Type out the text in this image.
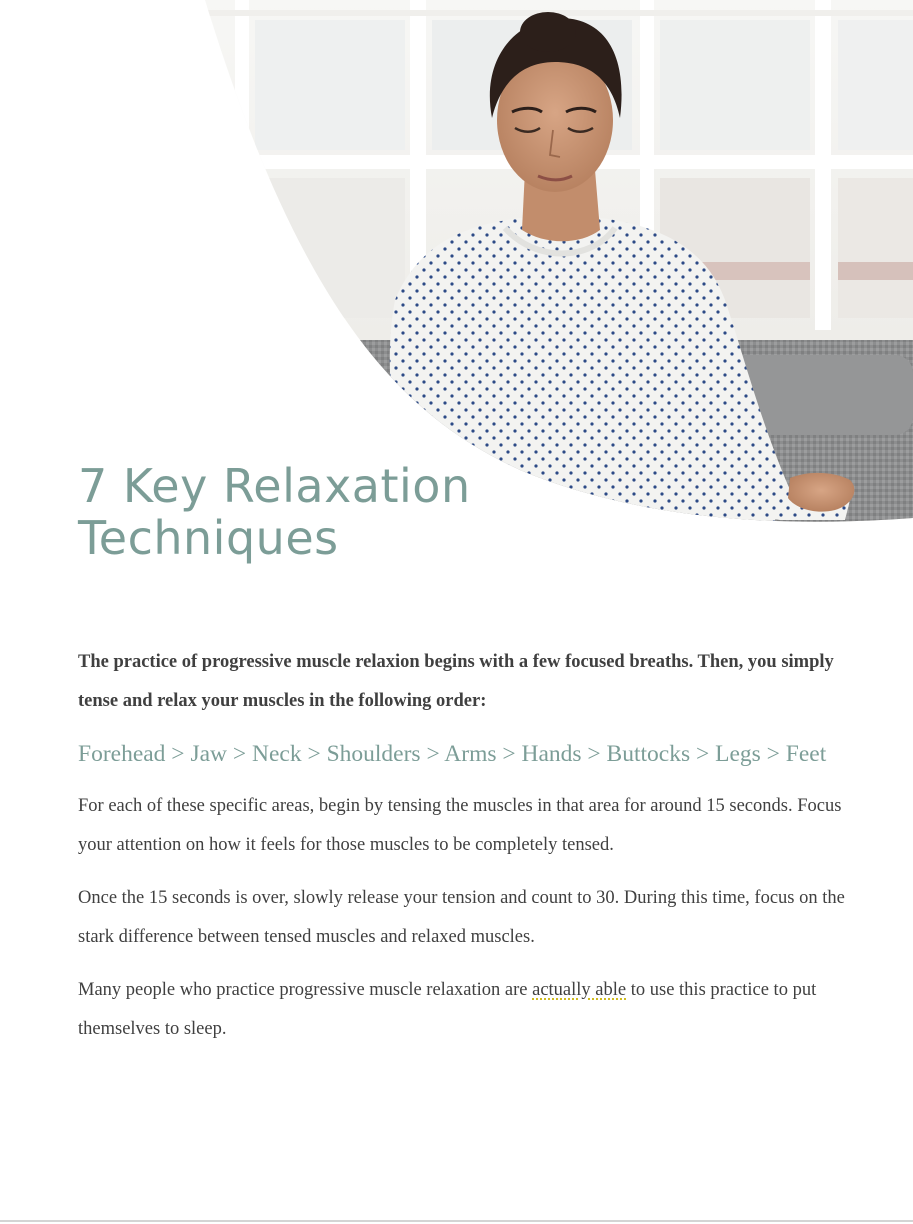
7 Key Relaxation
Techniques

The practice of progressive muscle relaxion begins with a few focused breaths. Then, you simply tense and relax your muscles in the following order:

Forehead > Jaw > Neck > Shoulders > Arms > Hands > Buttocks > Legs > Feet

For each of these specific areas, begin by tensing the muscles in that area for around 15 seconds. Focus your attention on how it feels for those muscles to be completely tensed.

Once the 15 seconds is over, slowly release your tension and count to 30. During this time, focus on the stark difference between tensed muscles and relaxed muscles.

Many people who practice progressive muscle relaxation are actually able to use this practice to put themselves to sleep.
